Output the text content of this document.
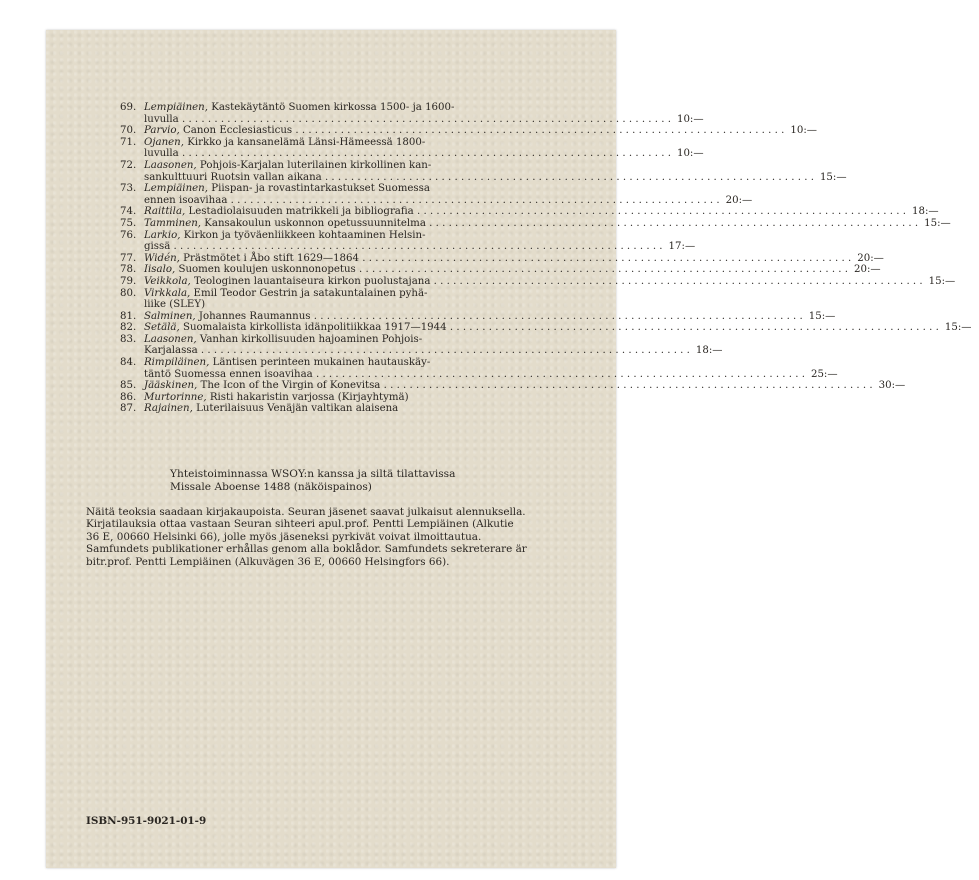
69. Lempiäinen, Kastekäytäntö Suomen kirkossa 1500- ja 1600-
luvulla . . .	10:—
70. Parvio, Canon Ecclesiasticus . . .	10:—
71. Ojanen, Kirkko ja kansanelämä Länsi-Hämeessä 1800-
luvulla . . .	10:—
72. Laasonen, Pohjois-Karjalan luterilainen kirkollinen kan-
sankulttuuri Ruotsin vallan aikana . . .	15:—
73. Lempiäinen, Piispan- ja rovastintarkastukset Suomessa
ennen isoavihaa . . .	20:—
74. Raittila, Lestadiolaisuuden matrikkeli ja bibliografia . . .	18:—
75. Tamminen, Kansakoulun uskonnon opetussuunnitelma . . .	15:—
76. Larkio, Kirkon ja työväenliikkeen kohtaaminen Helsin-
gissä . . .	17:—
77. Widén, Prästmötet i Åbo stift 1629—1864 . . .	20:—
78. Iisalo, Suomen koulujen uskonnonopetus . . .	20:—
79. Veikkola, Teologinen lauantaiseura kirkon puolustajana . . .	15:—
80. Virkkala, Emil Teodor Gestrin ja satakuntalainen pyhä-
liike (SLEY)
81. Salminen, Johannes Raumannus . . .	15:—
82. Setälä, Suomalaista kirkollista idänpolitiikkaa 1917—1944 . . .	15:—
83. Laasonen, Vanhan kirkollisuuden hajoaminen Pohjois-
Karjalassa . . .	18:—
84. Rimpiläinen, Läntisen perinteen mukainen hautauskäy-
täntö Suomessa ennen isoavihaa . . .	25:—
85. Jääskinen, The Icon of the Virgin of Konevitsa . . .	30:—
86. Murtorinne, Risti hakaristin varjossa (Kirjayhtymä)
87. Rajainen, Luterilaisuus Venäjän valtikan alaisena
Yhteistoiminnassa WSOY:n kanssa ja siltä tilattavissa
Missale Aboense 1488 (näköispainos)
Näitä teoksia saadaan kirjakaupoista. Seuran jäsenet saavat julkaisut alennuksella.
Kirjatilauksia ottaa vastaan Seuran sihteeri apul.prof. Pentti Lempiäinen (Alkutie
36 E, 00660 Helsinki 66), jolle myös jäseneksi pyrkivät voivat ilmoittautua.
Samfundets publikationer erhållas genom alla boklådor. Samfundets sekreterare är
bitr.prof. Pentti Lempiäinen (Alkuvägen 36 E, 00660 Helsingfors 66).
ISBN-951-9021-01-9
